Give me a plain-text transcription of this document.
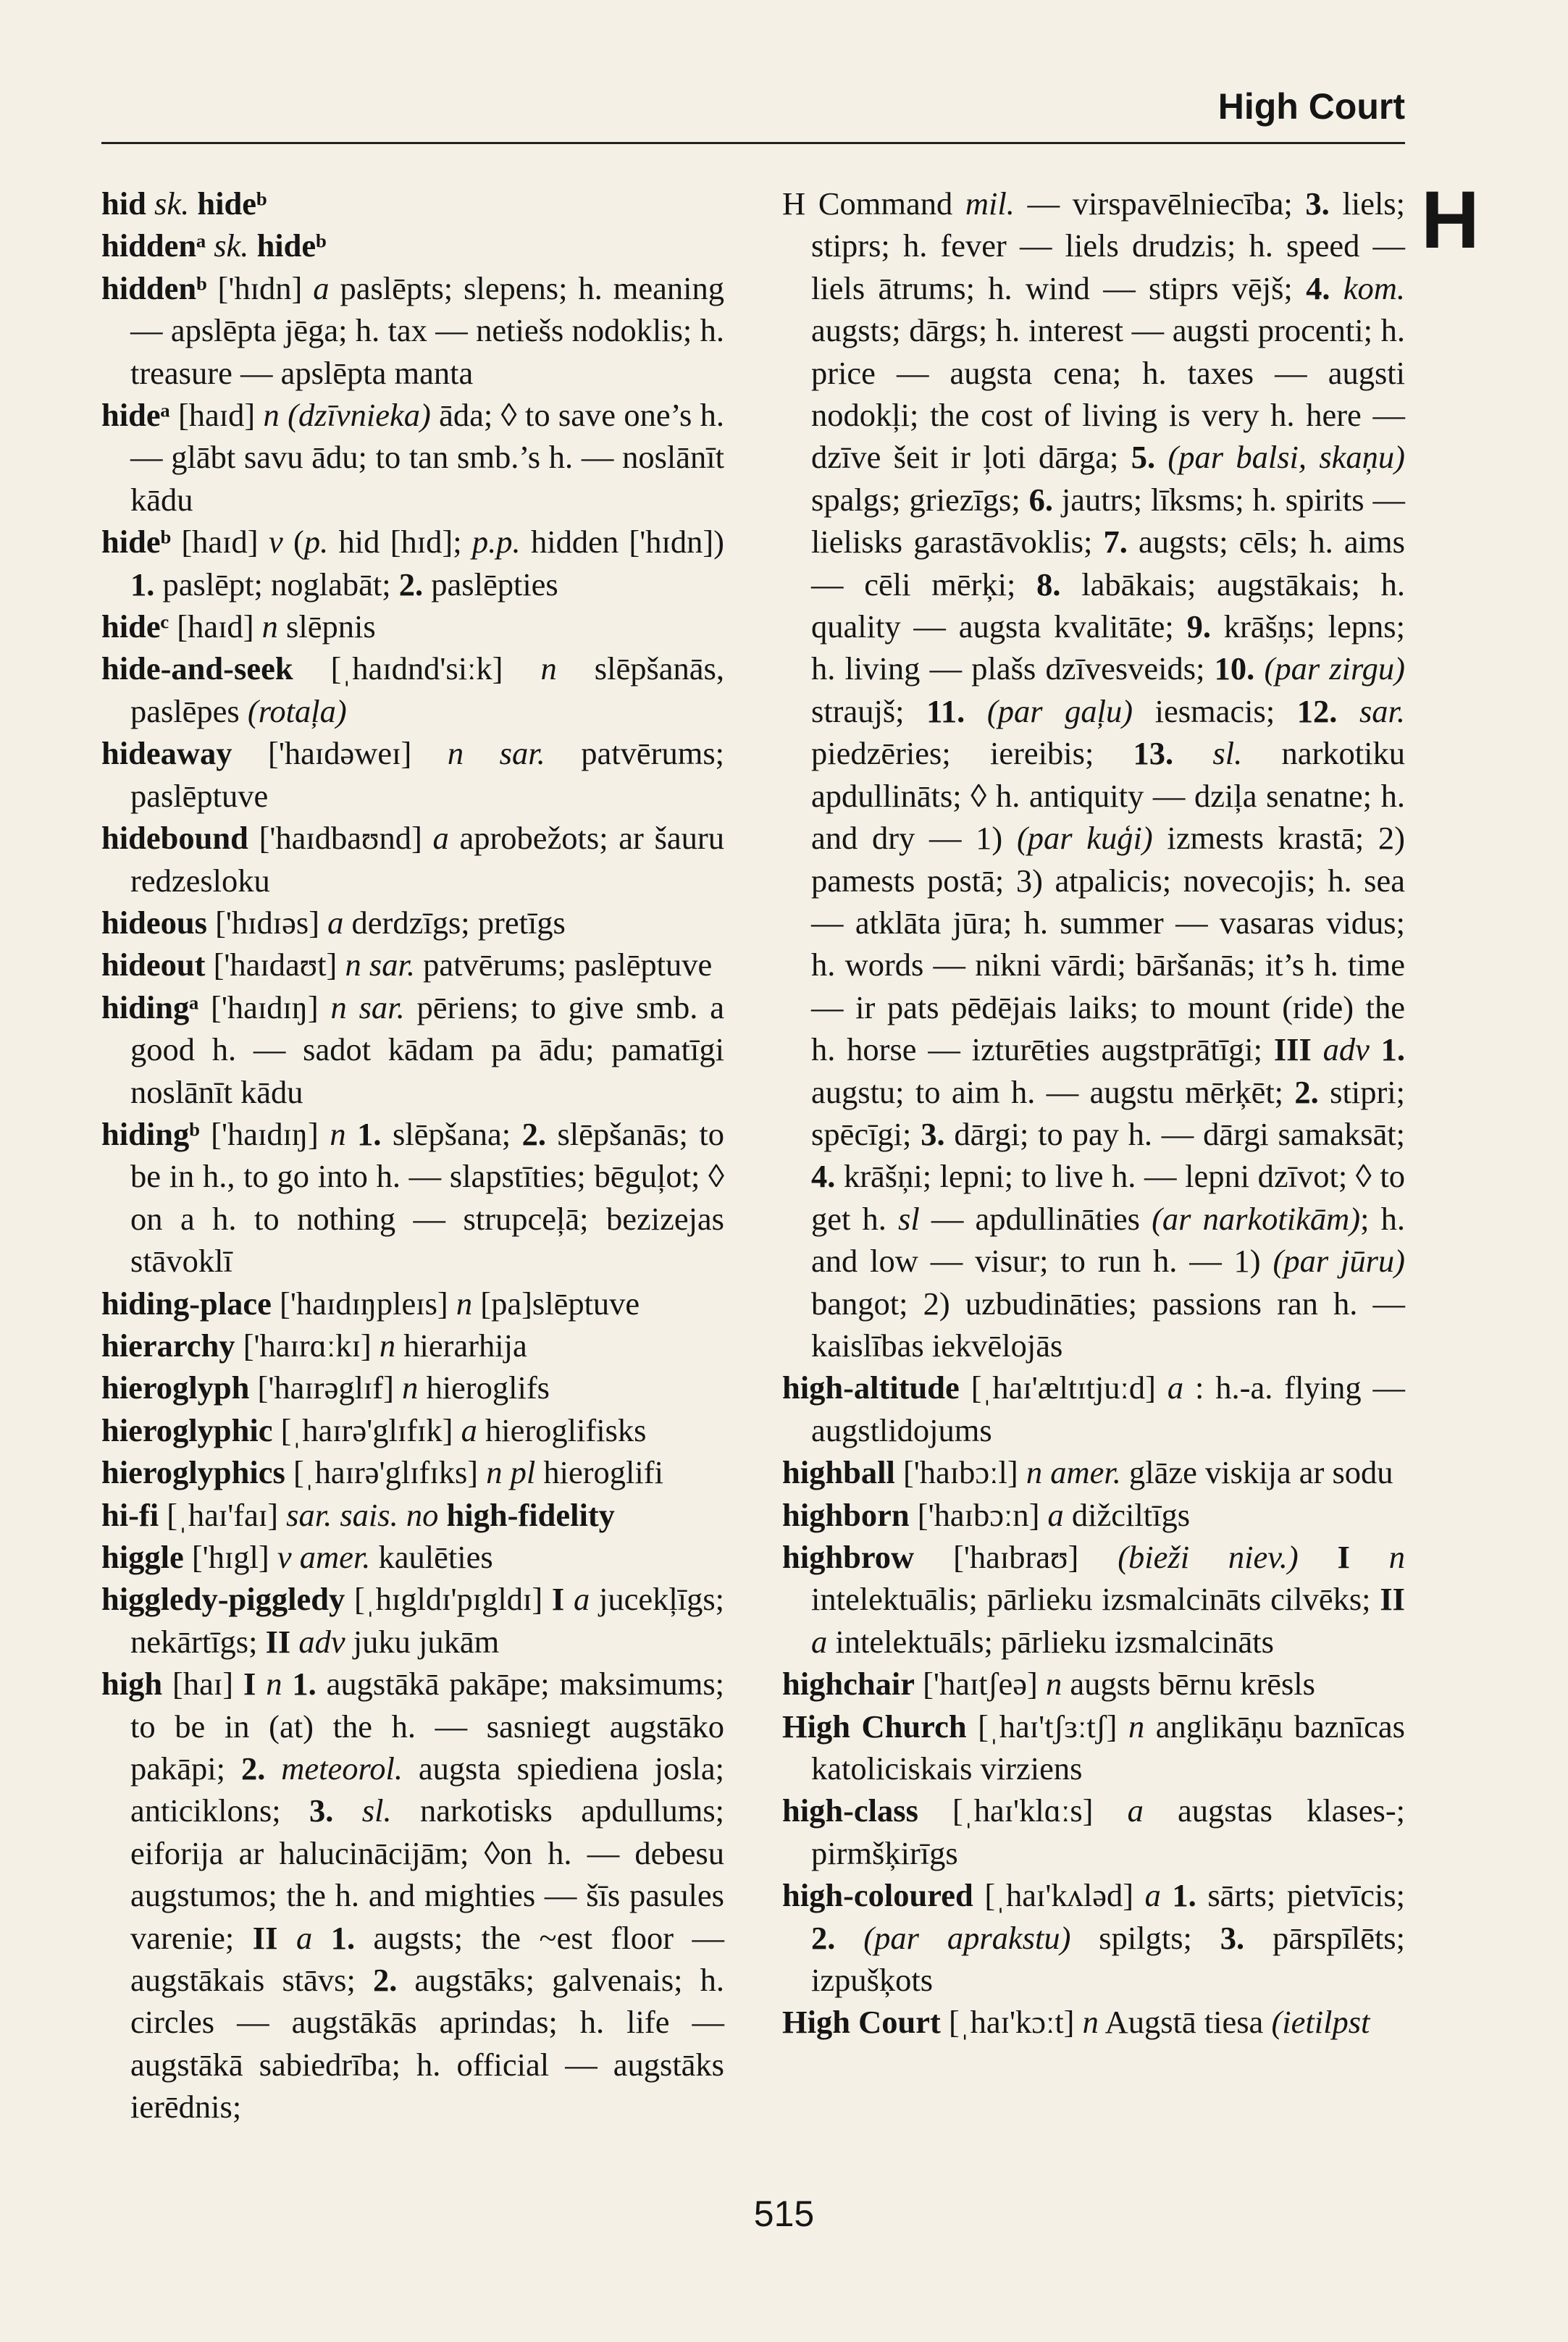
High Court
H

hid sk. hideᵇ

hiddenᵃ sk. hideᵇ

hiddenᵇ ['hɪdn] a paslēpts; slepens; h. meaning — apslēpta jēga; h. tax — netiešs nodoklis; h. treasure — apslēpta manta

hideᵃ [haɪd] n (dzīvnieka) āda; ◊ to save one’s h. — glābt savu ādu; to tan smb.’s h. — noslānīt kādu

hideᵇ [haɪd] v (p. hid [hɪd]; p.p. hidden ['hɪdn]) 1. paslēpt; noglabāt; 2. paslēpties

hideᶜ [haɪd] n slēpnis

hide-and-seek [ˌhaɪdnd'siːk] n slēpšanās, paslēpes (rotaļa)

hideaway ['haɪdəweɪ] n sar. patvērums; paslēptuve

hidebound ['haɪdbaʊnd] a aprobežots; ar šauru redzesloku

hideous ['hɪdɪəs] a derdzīgs; pretīgs

hideout ['haɪdaʊt] n sar. patvērums; paslēptuve

hidingᵃ ['haɪdɪŋ] n sar. pēriens; to give smb. a good h. — sadot kādam pa ādu; pamatīgi noslānīt kādu

hidingᵇ ['haɪdɪŋ] n 1. slēpšana; 2. slēpšanās; to be in h., to go into h. — slapstīties; bēguļot; ◊ on a h. to nothing — strupceļā; bezizejas stāvoklī

hiding-place ['haɪdɪŋpleɪs] n [pa]slēptuve

hierarchy ['haɪrɑːkɪ] n hierarhija

hieroglyph ['haɪrəglɪf] n hieroglifs

hieroglyphic [ˌhaɪrə'glɪfɪk] a hieroglifisks

hieroglyphics [ˌhaɪrə'glɪfɪks] n pl hieroglifi

hi-fi [ˌhaɪ'faɪ] sar. sais. no high-fidelity

higgle ['hɪgl] v amer. kaulēties

higgledy-piggledy [ˌhɪgldɪ'pɪgldɪ] I a jucekļīgs; nekārtīgs; II adv juku jukām

high [haɪ] I n 1. augstākā pakāpe; maksimums; to be in (at) the h. — sasniegt augstāko pakāpi; 2. meteorol. augsta spiediena josla; anticiklons; 3. sl. narkotisks apdullums; eiforija ar halucinācijām; ◊on h. — debesu augstumos; the h. and mighties — šīs pasules varenie; II a 1. augsts; the ~est floor — augstākais stāvs; 2. augstāks; galvenais; h. circles — augstākās aprindas; h. life — augstākā sabiedrība; h. official — augstāks ierēdnis;

H Command mil. — virspavēlniecība; 3. liels; stiprs; h. fever — liels drudzis; h. speed — liels ātrums; h. wind — stiprs vējš; 4. kom. augsts; dārgs; h. interest — augsti procenti; h. price — augsta cena; h. taxes — augsti nodokļi; the cost of living is very h. here — dzīve šeit ir ļoti dārga; 5. (par balsi, skaņu) spalgs; griezīgs; 6. jautrs; līksms; h. spirits — lielisks garastāvoklis; 7. augsts; cēls; h. aims — cēli mērķi; 8. labākais; augstākais; h. quality — augsta kvalitāte; 9. krāšņs; lepns; h. living — plašs dzīvesveids; 10. (par zirgu) straujš; 11. (par gaļu) iesmacis; 12. sar. piedzēries; iereibis; 13. sl. narkotiku apdullināts; ◊ h. antiquity — dziļa senatne; h. and dry — 1) (par kuģi) izmests krastā; 2) pamests postā; 3) atpalicis; novecojis; h. sea — atklāta jūra; h. summer — vasaras vidus; h. words — nikni vārdi; bāršanās; it’s h. time — ir pats pēdējais laiks; to mount (ride) the h. horse — izturēties augstprātīgi; III adv 1. augstu; to aim h. — augstu mērķēt; 2. stipri; spēcīgi; 3. dārgi; to pay h. — dārgi samaksāt; 4. krāšņi; lepni; to live h. — lepni dzīvot; ◊ to get h. sl — apdullināties (ar narkotikām); h. and low — visur; to run h. — 1) (par jūru) bangot; 2) uzbudināties; passions ran h. — kaislības iekvēlojās

high-altitude [ˌhaɪ'æltɪtjuːd] a : h.-a. flying — augstlidojums

highball ['haɪbɔːl] n amer. glāze viskija ar sodu

highborn ['haɪbɔːn] a dižciltīgs

highbrow ['haɪbraʊ] (bieži niev.) I n intelektuālis; pārlieku izsmalcināts cilvēks; II a intelektuāls; pārlieku izsmalcināts

highchair ['haɪtʃeə] n augsts bērnu krēsls

High Church [ˌhaɪ'tʃɜːtʃ] n anglikāņu baznīcas katoliciskais virziens

high-class [ˌhaɪ'klɑːs] a augstas klases-; pirmšķirīgs

high-coloured [ˌhaɪ'kʌləd] a 1. sārts; pietvīcis; 2. (par aprakstu) spilgts; 3. pārspīlēts; izpušķots

High Court [ˌhaɪ'kɔːt] n Augstā tiesa (ietilpst

515
